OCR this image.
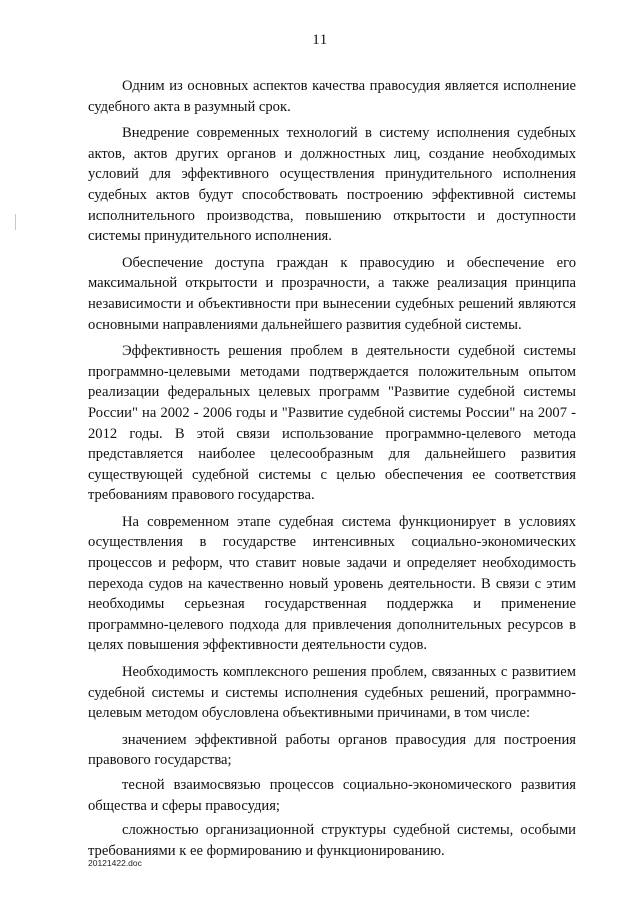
11

Одним из основных аспектов качества правосудия является исполнение судебного акта в разумный срок.

Внедрение современных технологий в систему исполнения судебных актов, актов других органов и должностных лиц, создание необходимых условий для эффективного осуществления принудительного исполнения судебных актов будут способствовать построению эффективной системы исполнительного производства, повышению открытости и доступности системы принудительного исполнения.

Обеспечение доступа граждан к правосудию и обеспечение его максимальной открытости и прозрачности, а также реализация принципа независимости и объективности при вынесении судебных решений являются основными направлениями дальнейшего развития судебной системы.

Эффективность решения проблем в деятельности судебной системы программно-целевыми методами подтверждается положительным опытом реализации федеральных целевых программ "Развитие судебной системы России" на 2002 - 2006 годы и "Развитие судебной системы России" на 2007 - 2012 годы. В этой связи использование программно-целевого метода представляется наиболее целесообразным для дальнейшего развития существующей судебной системы с целью обеспечения ее соответствия требованиям правового государства.

На современном этапе судебная система функционирует в условиях осуществления в государстве интенсивных социально-экономических процессов и реформ, что ставит новые задачи и определяет необходимость перехода судов на качественно новый уровень деятельности. В связи с этим необходимы серьезная государственная поддержка и применение программно-целевого подхода для привлечения дополнительных ресурсов в целях повышения эффективности деятельности судов.

Необходимость комплексного решения проблем, связанных с развитием судебной системы и системы исполнения судебных решений, программно-целевым методом обусловлена объективными причинами, в том числе:

значением эффективной работы органов правосудия для построения правового государства;

тесной взаимосвязью процессов социально-экономического развития общества и сферы правосудия;

сложностью организационной структуры судебной системы, особыми требованиями к ее формированию и функционированию.

20121422.doc
